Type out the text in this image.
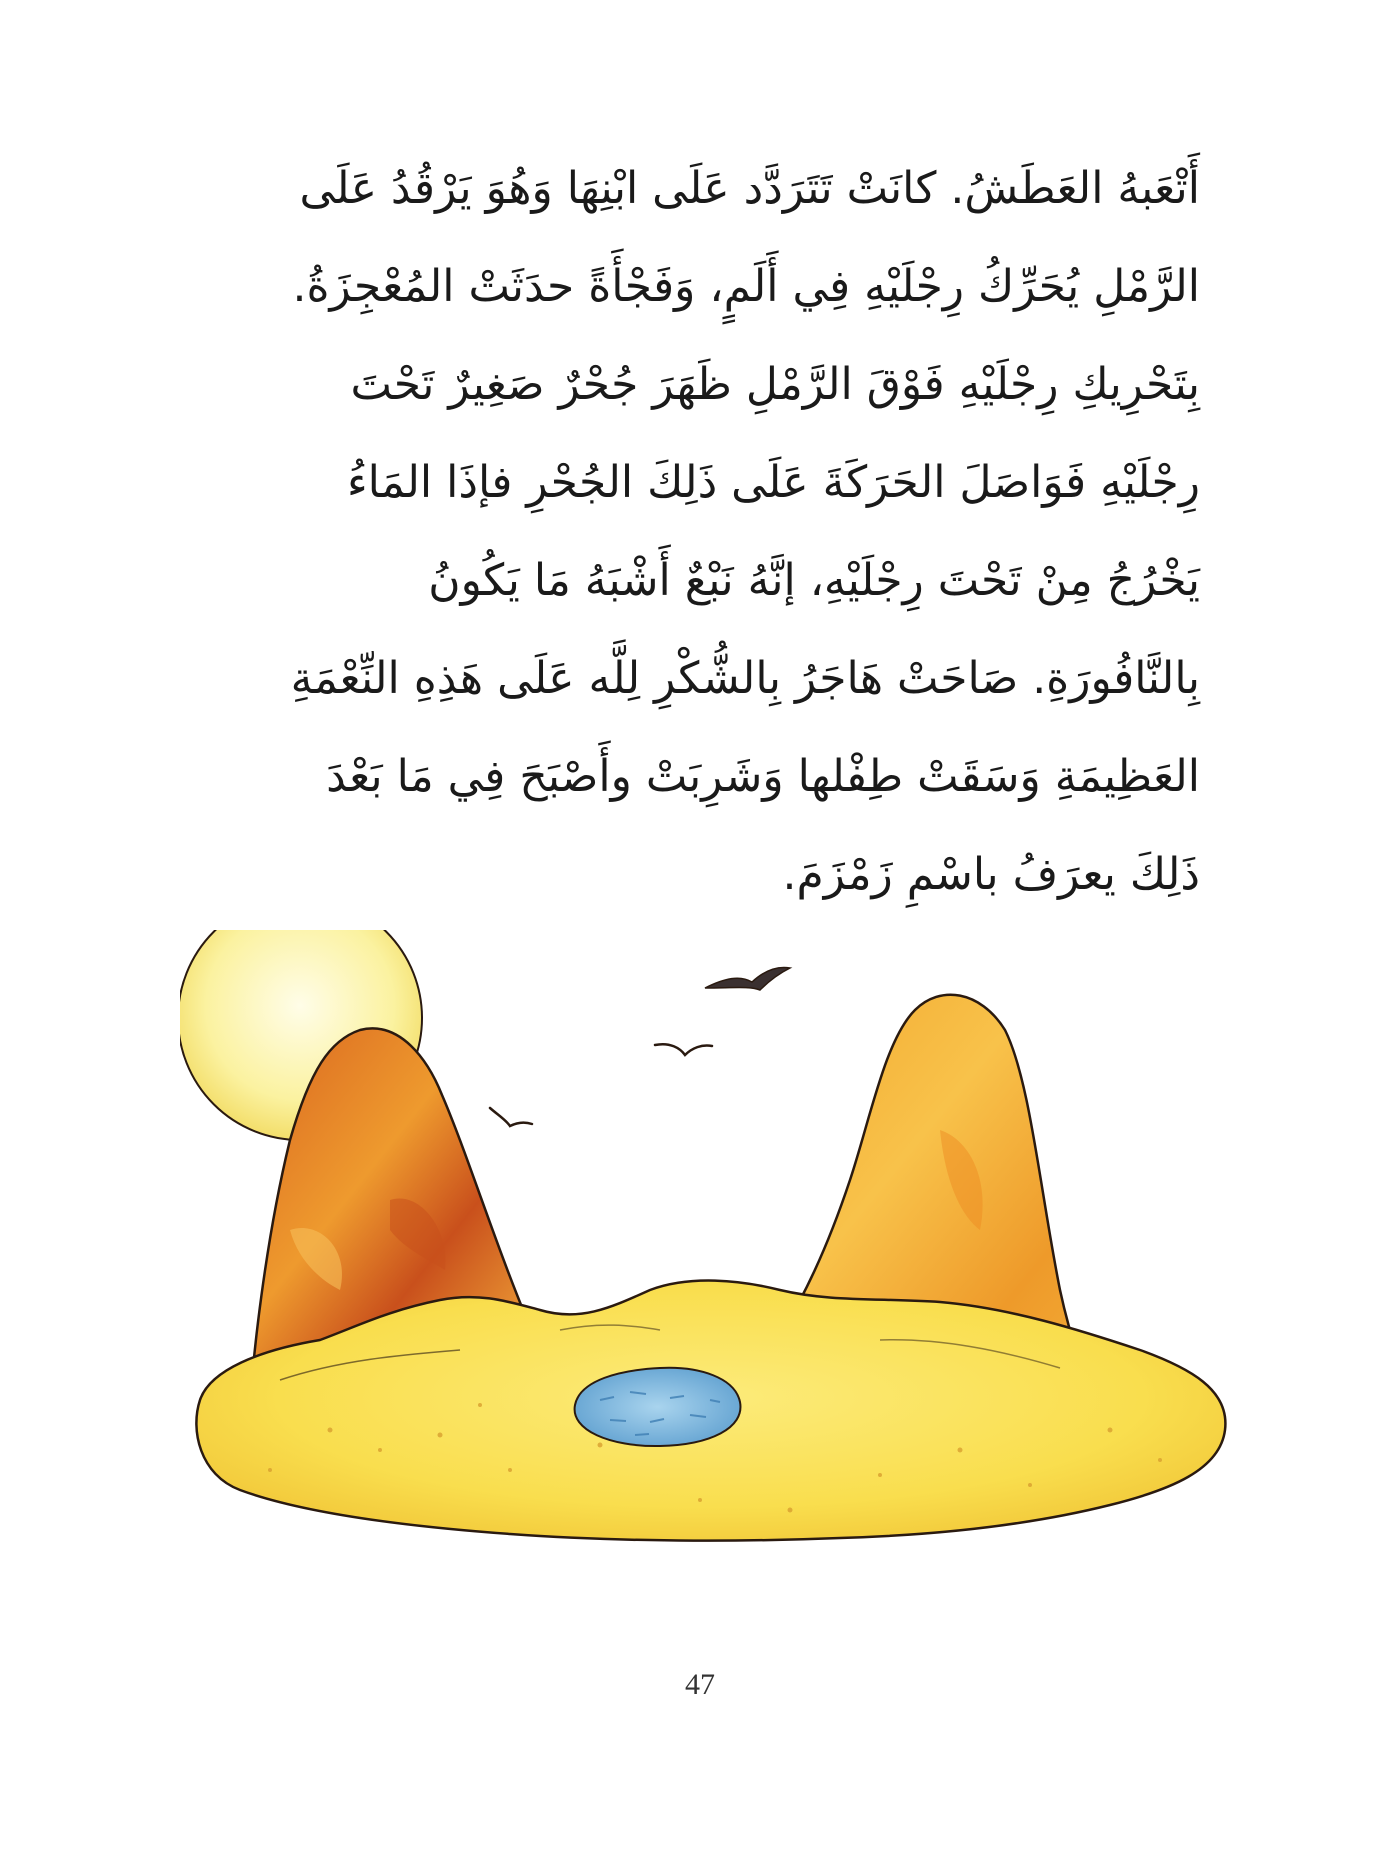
أَتْعَبهُ العَطَشُ. كانَتْ تَتَرَدَّد عَلَى ابْنِهَا وَهُوَ يَرْقُدُ عَلَى
الرَّمْلِ يُحَرِّكُ رِجْلَيْهِ فِي أَلَمٍ، وَفَجْأَةً حدَثَتْ المُعْجِزَةُ.
بِتَحْرِيكِ رِجْلَيْهِ فَوْقَ الرَّمْلِ ظَهَرَ جُحْرٌ صَغِيرٌ تَحْتَ
رِجْلَيْهِ فَوَاصَلَ الحَرَكَةَ عَلَى ذَلِكَ الجُحْرِ فإذَا المَاءُ
يَخْرُجُ مِنْ تَحْتَ رِجْلَيْهِ، إنَّهُ نَبْعٌ أَشْبَهُ مَا يَكُونُ
بِالنَّافُورَةِ. صَاحَتْ هَاجَرُ بِالشُّكْرِ لِلَّه عَلَى هَذِهِ النِّعْمَةِ
العَظِيمَةِ وَسَقَتْ طِفْلها وَشَرِبَتْ وأَصْبَحَ فِي مَا بَعْدَ
ذَلِكَ يعرَفُ باسْمِ زَمْزَمَ.
47
